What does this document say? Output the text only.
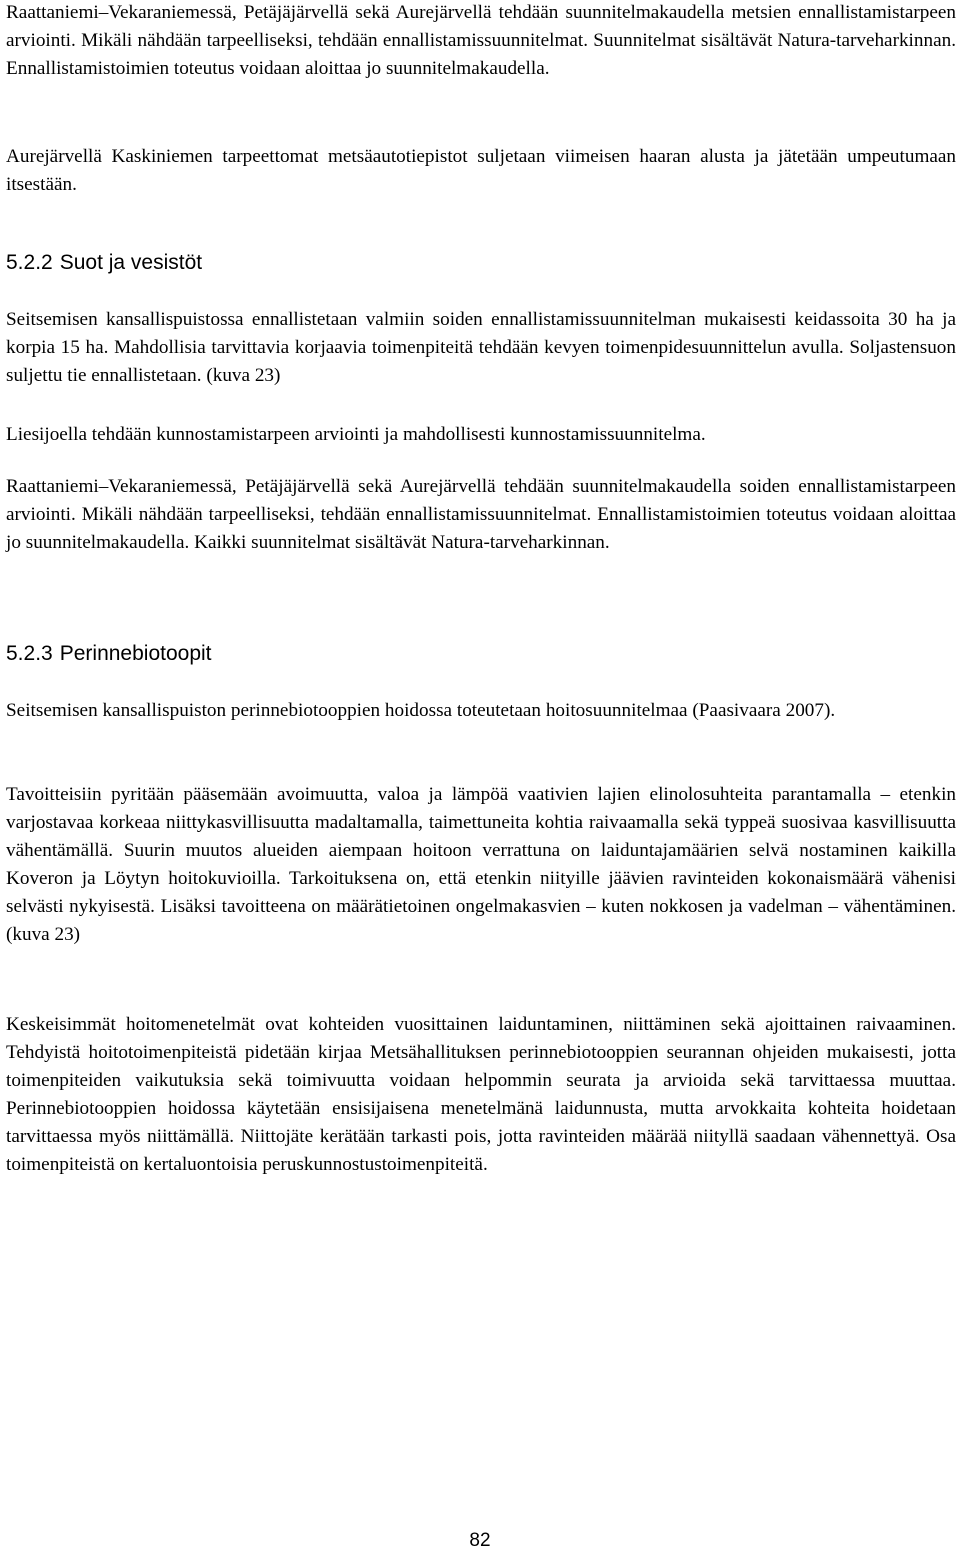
Raattaniemi–Vekaraniemessä, Petäjäjärvellä sekä Aurejärvellä tehdään suunnitelmakaudella metsien ennallistamistarpeen arviointi. Mikäli nähdään tarpeelliseksi, tehdään ennallistamissuunnitelmat. Suunnitelmat sisältävät Natura-tarveharkinnan. Ennallistamistoimien toteutus voidaan aloittaa jo suunnitelmakaudella.

Aurejärvellä Kaskiniemen tarpeettomat metsäautotiepistot suljetaan viimeisen haaran alusta ja jätetään umpeutumaan itsestään.

5.2.2 Suot ja vesistöt

Seitsemisen kansallispuistossa ennallistetaan valmiin soiden ennallistamissuunnitelman mukaisesti keidassoita 30 ha ja korpia 15 ha. Mahdollisia tarvittavia korjaavia toimenpiteitä tehdään kevyen toimenpidesuunnittelun avulla. Soljastensuon suljettu tie ennallistetaan. (kuva 23)

Liesijoella tehdään kunnostamistarpeen arviointi ja mahdollisesti kunnostamissuunnitelma.

Raattaniemi–Vekaraniemessä, Petäjäjärvellä sekä Aurejärvellä tehdään suunnitelmakaudella soiden ennallistamistarpeen arviointi. Mikäli nähdään tarpeelliseksi, tehdään ennallistamissuunnitelmat. Ennallistamistoimien toteutus voidaan aloittaa jo suunnitelmakaudella. Kaikki suunnitelmat sisältävät Natura-tarveharkinnan.

5.2.3 Perinnebiotoopit

Seitsemisen kansallispuiston perinnebiotooppien hoidossa toteutetaan hoitosuunnitelmaa (Paasivaara 2007).

Tavoitteisiin pyritään pääsemään avoimuutta, valoa ja lämpöä vaativien lajien elinolosuhteita parantamalla – etenkin varjostavaa korkeaa niittykasvillisuutta madaltamalla, taimettuneita kohtia raivaamalla sekä typpeä suosivaa kasvillisuutta vähentämällä. Suurin muutos alueiden aiempaan hoitoon verrattuna on laiduntajamäärien selvä nostaminen kaikilla Koveron ja Löytyn hoitokuvioilla. Tarkoituksena on, että etenkin niityille jäävien ravinteiden kokonaismäärä vähenisi selvästi nykyisestä. Lisäksi tavoitteena on määrätietoinen ongelmakasvien – kuten nokkosen ja vadelman – vähentäminen. (kuva 23)

Keskeisimmät hoitomenetelmät ovat kohteiden vuosittainen laiduntaminen, niittäminen sekä ajoittainen raivaaminen. Tehdyistä hoitotoimenpiteistä pidetään kirjaa Metsähallituksen perinnebiotooppien seurannan ohjeiden mukaisesti, jotta toimenpiteiden vaikutuksia sekä toimivuutta voidaan helpommin seurata ja arvioida sekä tarvittaessa muuttaa. Perinnebiotooppien hoidossa käytetään ensisijaisena menetelmänä laidunnusta, mutta arvokkaita kohteita hoidetaan tarvittaessa myös niittämällä. Niittojäte kerätään tarkasti pois, jotta ravinteiden määrää niityllä saadaan vähennettyä. Osa toimenpiteistä on kertaluontoisia peruskunnostustoimenpiteitä.

82
